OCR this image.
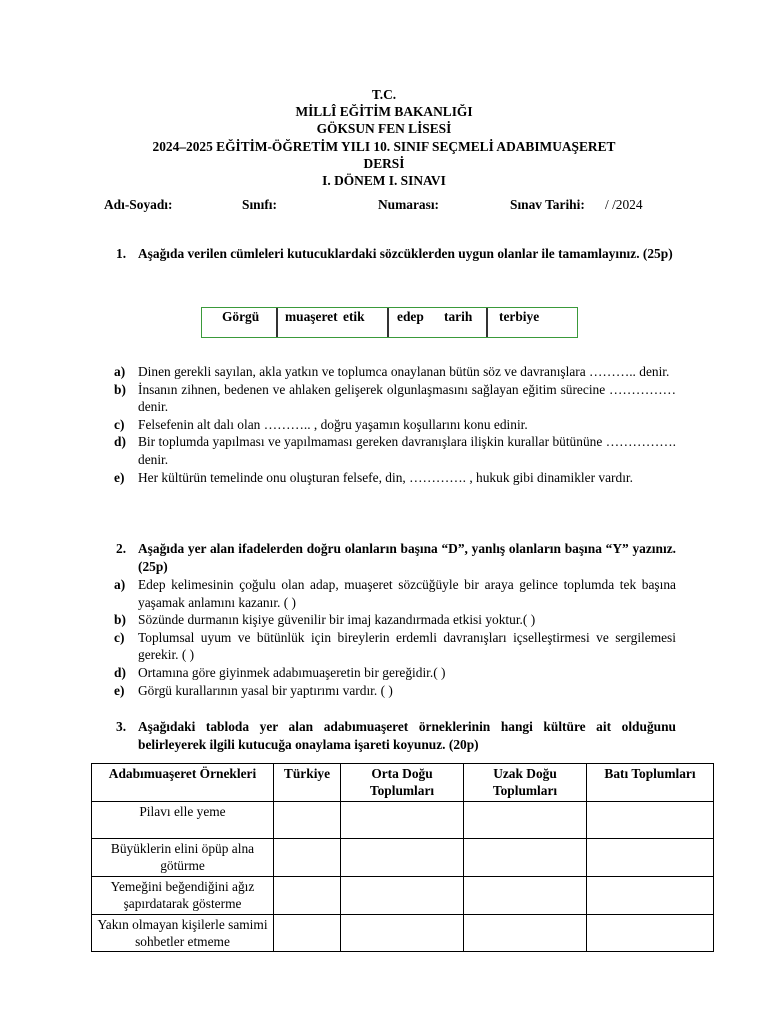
T.C.
MİLLÎ EĞİTİM BAKANLIĞI
GÖKSUN FEN LİSESİ
2024–2025 EĞİTİM-ÖĞRETİM YILI 10. SINIF SEÇMELİ ADABIMUAŞERET
DERSİ
I. DÖNEM I. SINAVI
Adı-Soyadı:	Sınıfı:	Numarası:	Sınav Tarihi: / /2024
1. Aşağıda verilen cümleleri kutucuklardaki sözcüklerden uygun olanlar ile tamamlayınız. (25p)
Görgü muaşeret etik edep tarih terbiye
a) Dinen gerekli sayılan, akla yatkın ve toplumca onaylanan bütün söz ve davranışlara ……….. denir.
b) İnsanın zihnen, bedenen ve ahlaken gelişerek olgunlaşmasını sağlayan eğitim sürecine …………… denir.
c) Felsefenin alt dalı olan ……….. , doğru yaşamın koşullarını konu edinir.
d) Bir toplumda yapılması ve yapılmaması gereken davranışlara ilişkin kurallar bütününe ……………. denir.
e) Her kültürün temelinde onu oluşturan felsefe, din, …………. , hukuk gibi dinamikler vardır.
2. Aşağıda yer alan ifadelerden doğru olanların başına “D”, yanlış olanların başına “Y” yazınız. (25p)
a) Edep kelimesinin çoğulu olan adap, muaşeret sözcüğüyle bir araya gelince toplumda tek başına yaşamak anlamını kazanır. ( )
b) Sözünde durmanın kişiye güvenilir bir imaj kazandırmada etkisi yoktur.( )
c) Toplumsal uyum ve bütünlük için bireylerin erdemli davranışları içselleştirmesi ve sergilemesi gerekir. ( )
d) Ortamına göre giyinmek adabımuaşeretin bir gereğidir.( )
e) Görgü kurallarının yasal bir yaptırımı vardır. ( )
3. Aşağıdaki tabloda yer alan adabımuaşeret örneklerinin hangi kültüre ait olduğunu belirleyerek ilgili kutucuğa onaylama işareti koyunuz. (20p)
Adabımuaşeret Örnekleri	Türkiye	Orta Doğu Toplumları	Uzak Doğu Toplumları	Batı Toplumları
Pilavı elle yeme				
Büyüklerin elini öpüp alna götürme				
Yemeğini beğendiğini ağız şapırdatarak gösterme				
Yakın olmayan kişilerle samimi sohbetler etmeme				
